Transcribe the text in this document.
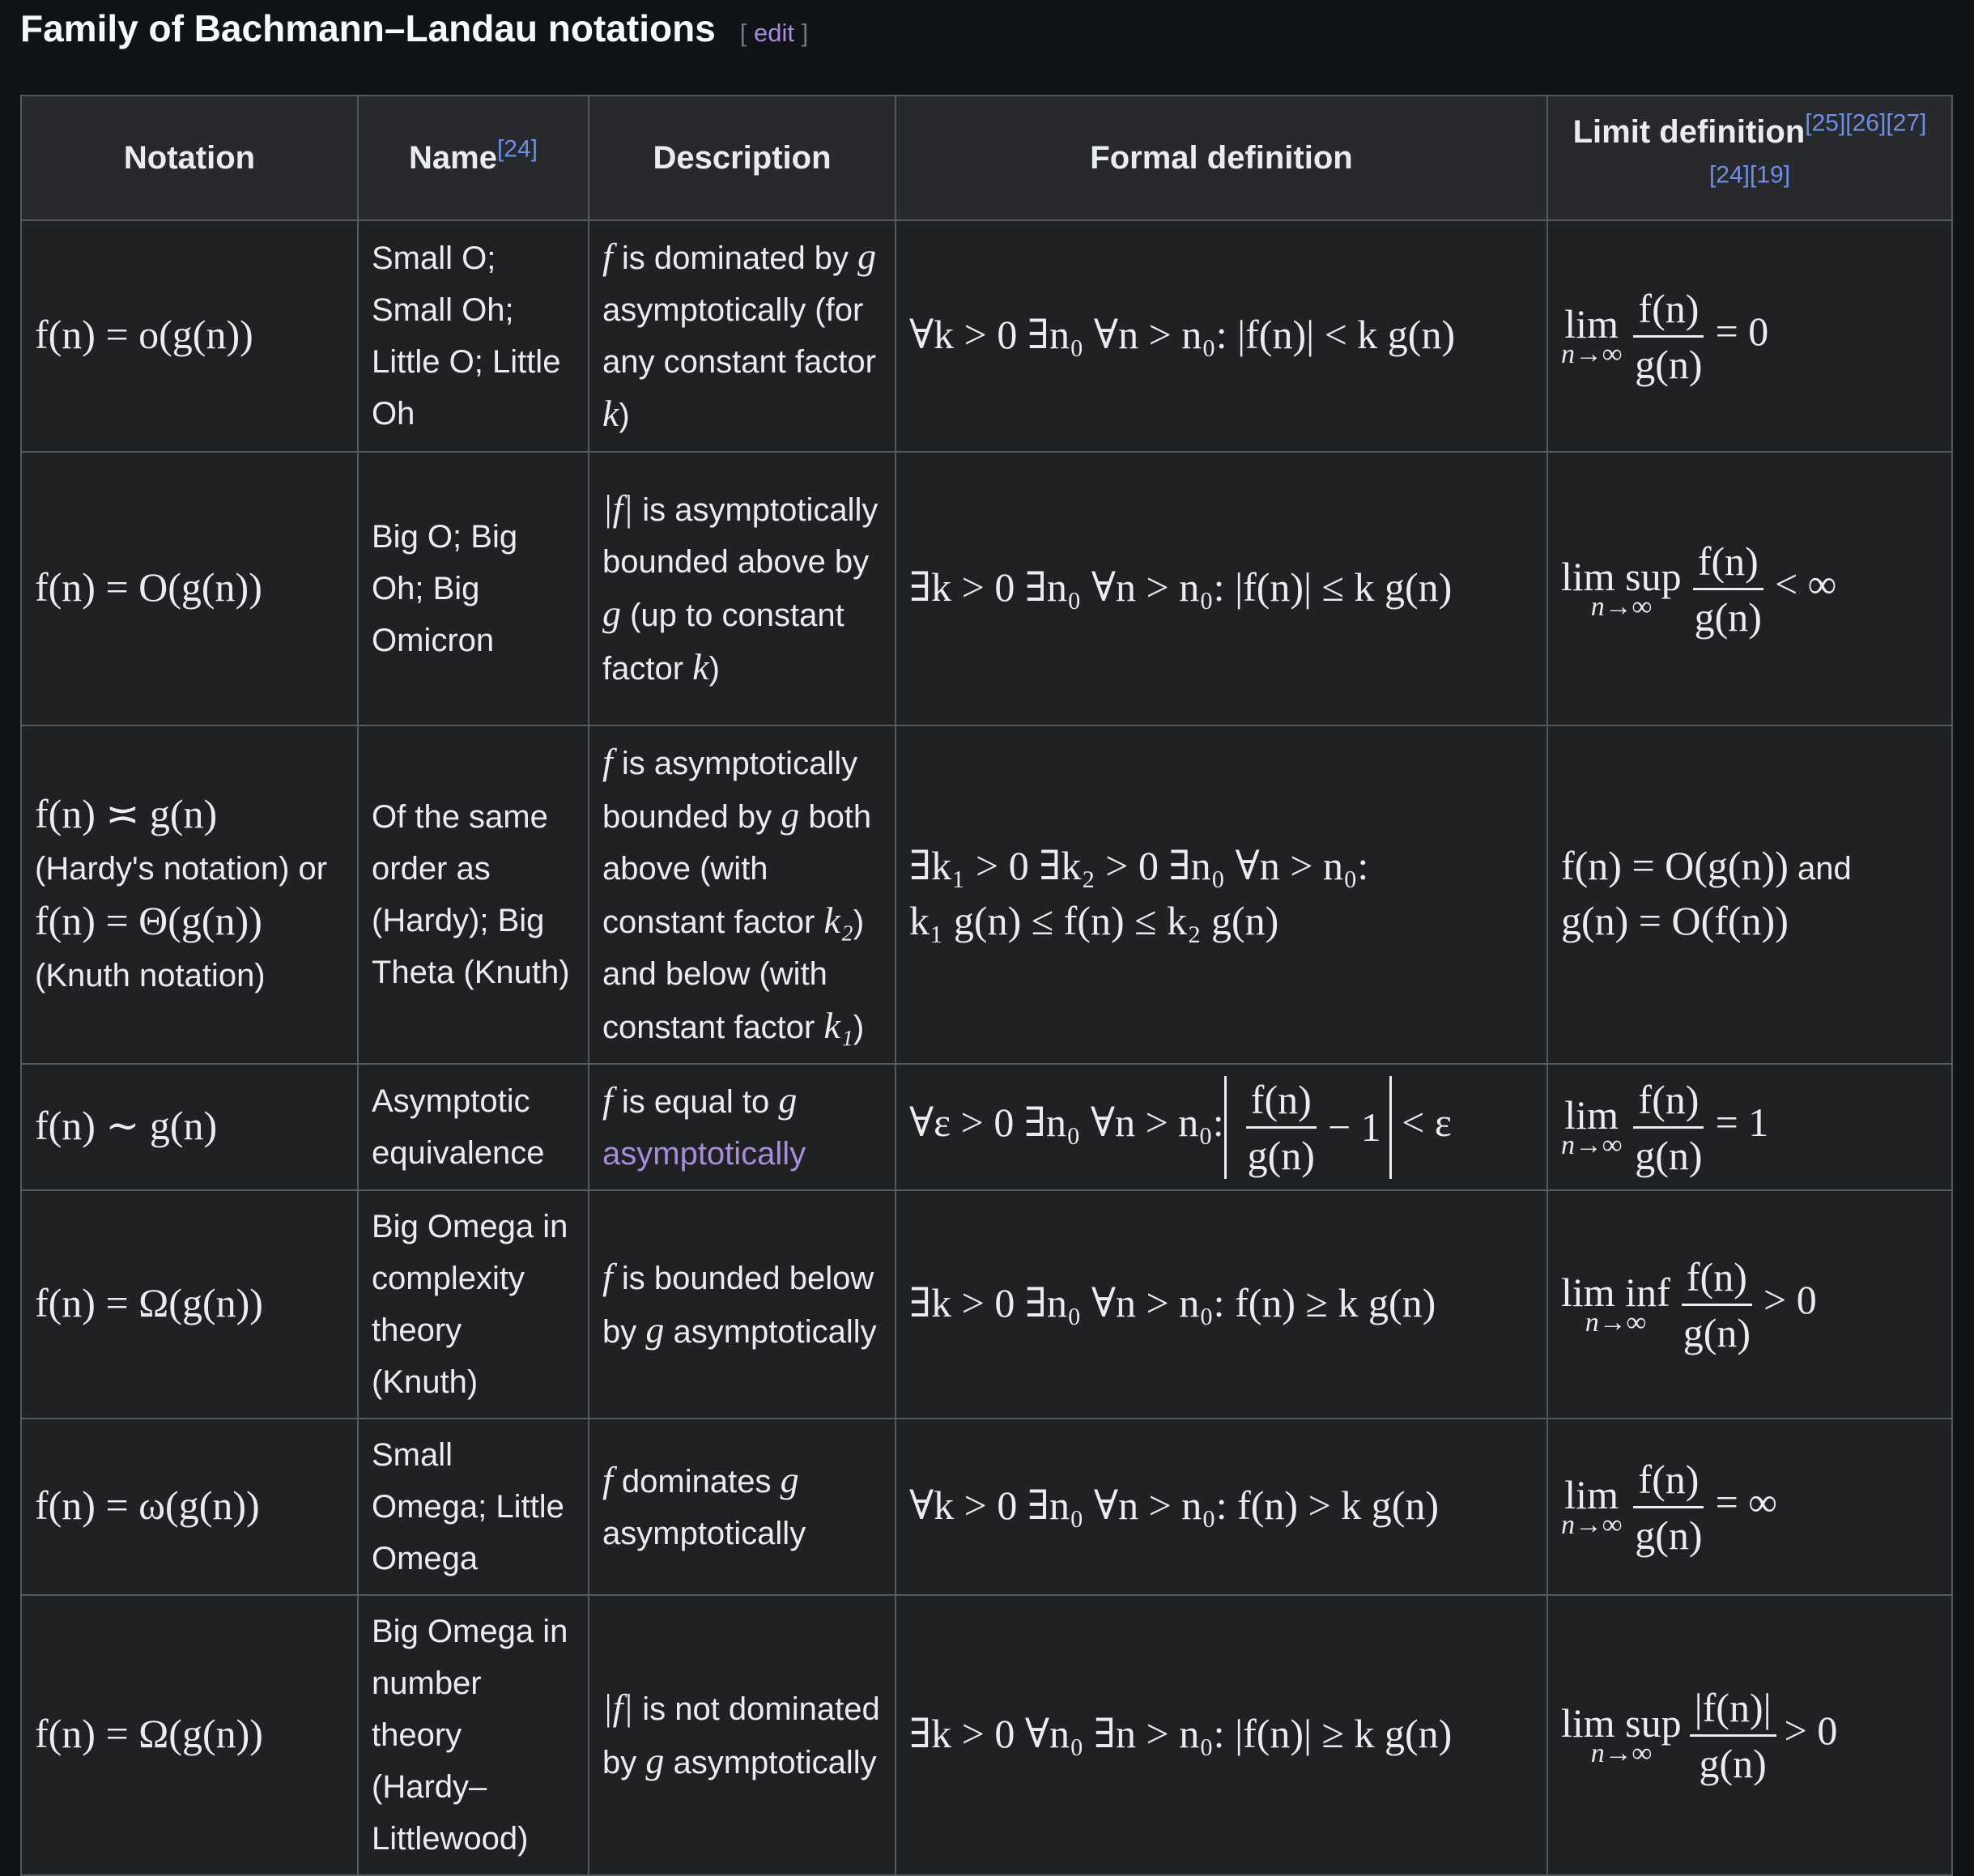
Family of Bachmann–Landau notations [ edit ]
Notation	Name[24]	Description	Formal definition	Limit definition[25][26][27][24][19]
f(n) = o(g(n))	Small O; Small Oh; Little O; Little Oh	f is dominated by g asymptotically (for any constant factor k)	∀k > 0 ∃n₀ ∀n > n₀: |f(n)| < k g(n)	lim
$n\to\infty \frac{f(n)}{g(n)} = 0$
f(n) = O(g(n))	Big O; Big Oh; Big Omicron	|f| is asymptotically bounded above by g (up to constant factor k)	∃k > 0 ∃n₀ ∀n > n₀: |f(n)| ≤ k g(n)	lim sup
$n\to\infty \frac{f(n)}{g(n)}$ < ∞
f(n) ≍ g(n)
(Hardy's notation) or
f(n) = Θ(g(n))
(Knuth notation)	Of the same order as (Hardy); Big Theta (Knuth)	f is asymptotically bounded by g both above (with constant factor k₂) and below (with constant factor k₁)	∃k₁ > 0 ∃k₂ > 0 ∃n₀ ∀n > n₀:
k₁ g(n) ≤ f(n) ≤ k₂ g(n)	f(n) = O(g(n)) and
g(n) = O(f(n))
f(n) ∼ g(n)	Asymptotic equivalence	f is equal to g
asymptotically	∀ε > 0 ∃n₀ ∀n > n₀: $\frac{f(n)}{g(n)} - 1 < \varepsilon$	lim
$n\to\infty \frac{f(n)}{g(n)} = 1$
f(n) = Ω(g(n))	Big Omega in complexity theory (Knuth)	f is bounded below by g asymptotically	∃k > 0 ∃n₀ ∀n > n₀: f(n) ≥ k g(n)	lim inf
$n\to\infty \frac{f(n)}{g(n)} > 0$
f(n) = ω(g(n))	Small Omega; Little Omega	f dominates g asymptotically	∀k > 0 ∃n₀ ∀n > n₀: f(n) > k g(n)	lim
$n\to\infty \frac{f(n)}{g(n)}$ = ∞
f(n) = Ω(g(n))	Big Omega in number theory (Hardy–Littlewood)	|f| is not dominated by g asymptotically	∃k > 0 ∀n₀ ∃n > n₀: |f(n)| ≥ k g(n)	lim sup
$n\to\infty \frac{|f(n)|}{g(n)} > 0$
